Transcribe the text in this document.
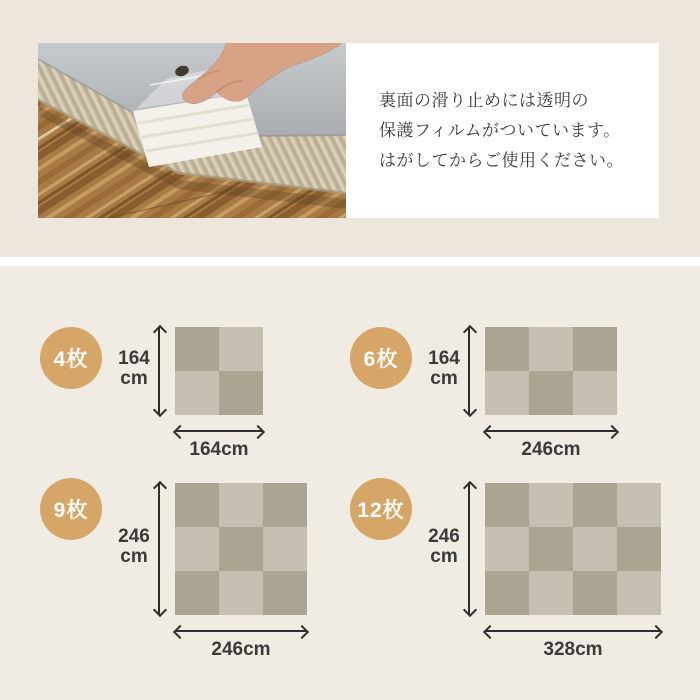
裏面の滑り止めには透明の
保護フィルムがついています。
はがしてからご使用ください。
4枚	164
cm
164cm
6枚	164
cm
246cm
9枚
246
cm
246cm
12枚
246
cm
328cm
